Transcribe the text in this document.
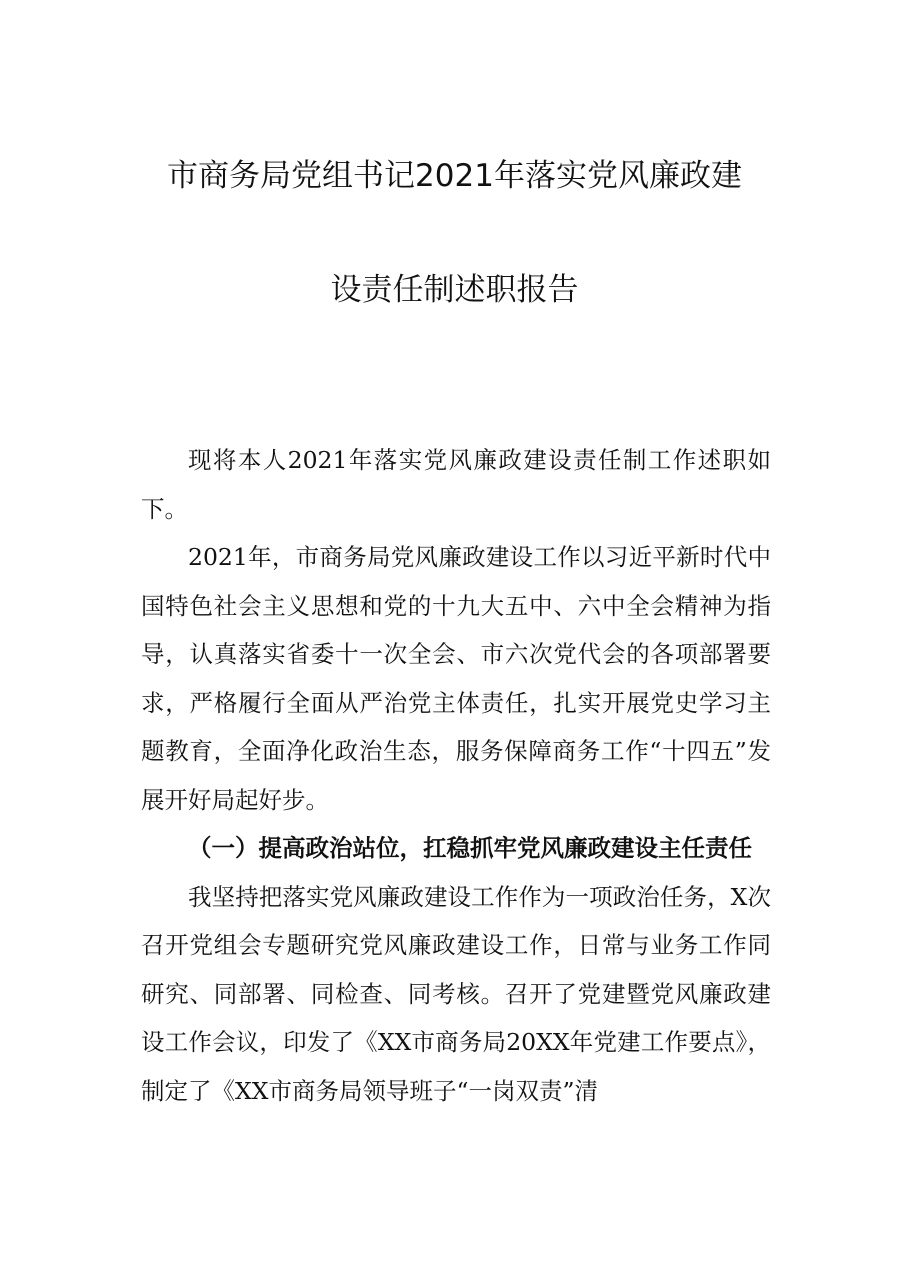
市商务局党组书记2021年落实党风廉政建
设责任制述职报告

现将本人2021年落实党风廉政建设责任制工作述职如下。

2021年，市商务局党风廉政建设工作以习近平新时代中国特色社会主义思想和党的十九大五中、六中全会精神为指导，认真落实省委十一次全会、市六次党代会的各项部署要求，严格履行全面从严治党主体责任，扎实开展党史学习主题教育，全面净化政治生态，服务保障商务工作“十四五”发展开好局起好步。

（一）提高政治站位，扛稳抓牢党风廉政建设主任责任

我坚持把落实党风廉政建设工作作为一项政治任务，X次召开党组会专题研究党风廉政建设工作，日常与业务工作同研究、同部署、同检查、同考核。召开了党建暨党风廉政建设工作会议，印发了《XX市商务局20XX年党建工作要点》，制定了《XX市商务局领导班子“一岗双责”清
